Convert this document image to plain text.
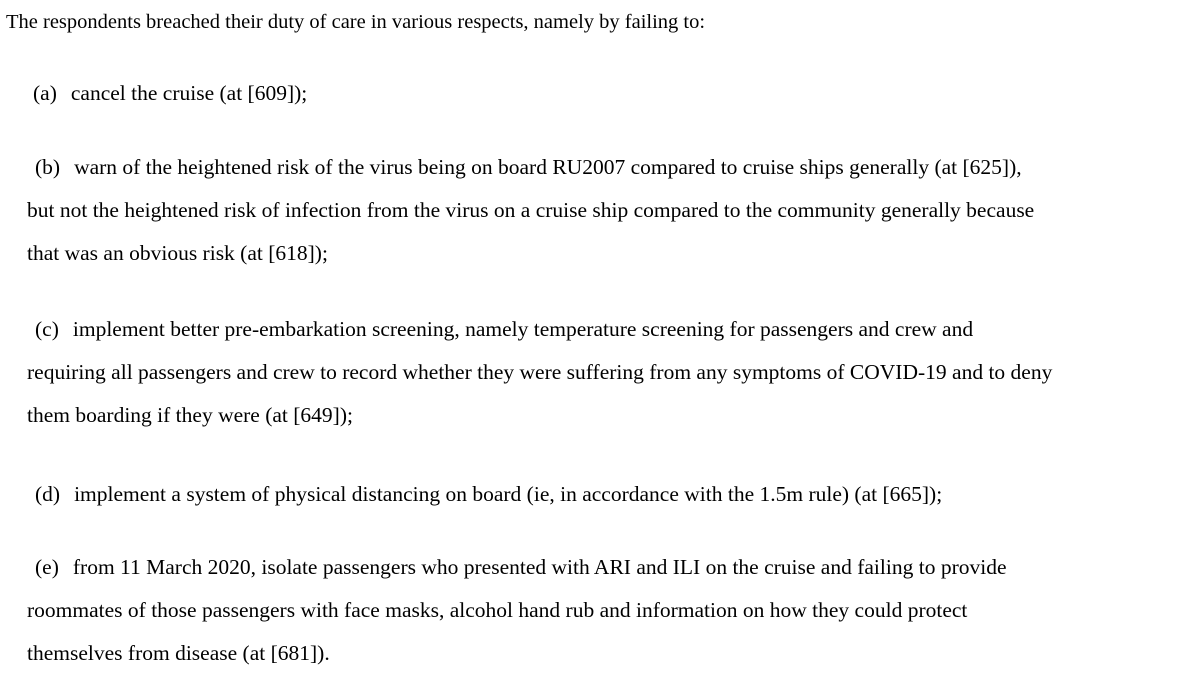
The respondents breached their duty of care in various respects, namely by failing to:
(a) cancel the cruise (at [609]);
(b) warn of the heightened risk of the virus being on board RU2007 compared to cruise ships generally (at [625]),
but not the heightened risk of infection from the virus on a cruise ship compared to the community generally because
that was an obvious risk (at [618]);
(c) implement better pre-embarkation screening, namely temperature screening for passengers and crew and
requiring all passengers and crew to record whether they were suffering from any symptoms of COVID-19 and to deny
them boarding if they were (at [649]);
(d) implement a system of physical distancing on board (ie, in accordance with the 1.5m rule) (at [665]);
(e) from 11 March 2020, isolate passengers who presented with ARI and ILI on the cruise and failing to provide
roommates of those passengers with face masks, alcohol hand rub and information on how they could protect
themselves from disease (at [681]).
